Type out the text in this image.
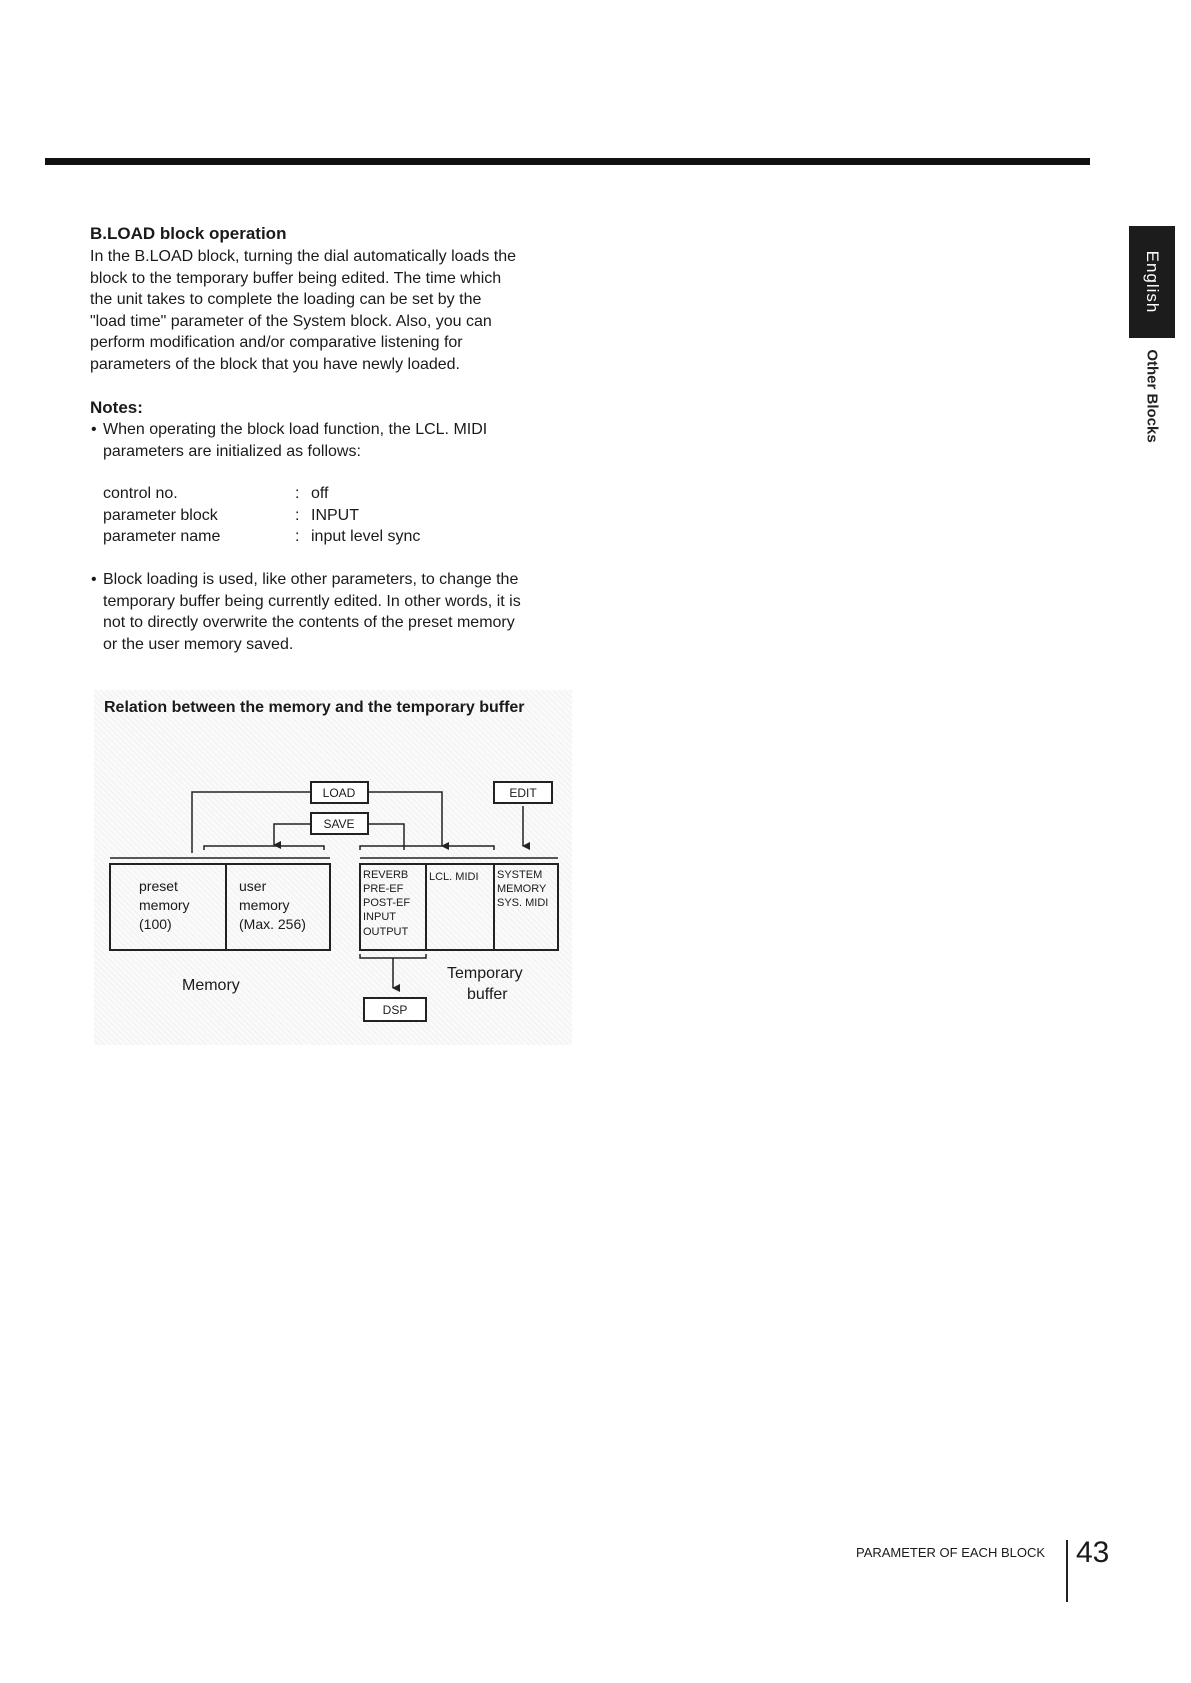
B.LOAD block operation
In the B.LOAD block, turning the dial automatically loads the
block to the temporary buffer being edited. The time which
the unit takes to complete the loading can be set by the
"load time" parameter of the System block. Also, you can
perform modification and/or comparative listening for
parameters of the block that you have newly loaded.
Notes:
• When operating the block load function, the LCL. MIDI
parameters are initialized as follows:
control no.	: off
parameter block	: INPUT
parameter name	: input level sync
• Block loading is used, like other parameters, to change the
temporary buffer being currently edited. In other words, it is
not to directly overwrite the contents of the preset memory
or the user memory saved.
Relation between the memory and the temporary buffer
LOAD
SAVE
EDIT
DSP
preset
memory
(100)
user
memory
(Max. 256)
REVERB
PRE-EF
POST-EF
INPUT
OUTPUT
LCL. MIDI SYSTEM
MEMORY
SYS. MIDI
Memory
Temporary
buffer
English
Other Blocks
PARAMETER OF EACH BLOCK 43
